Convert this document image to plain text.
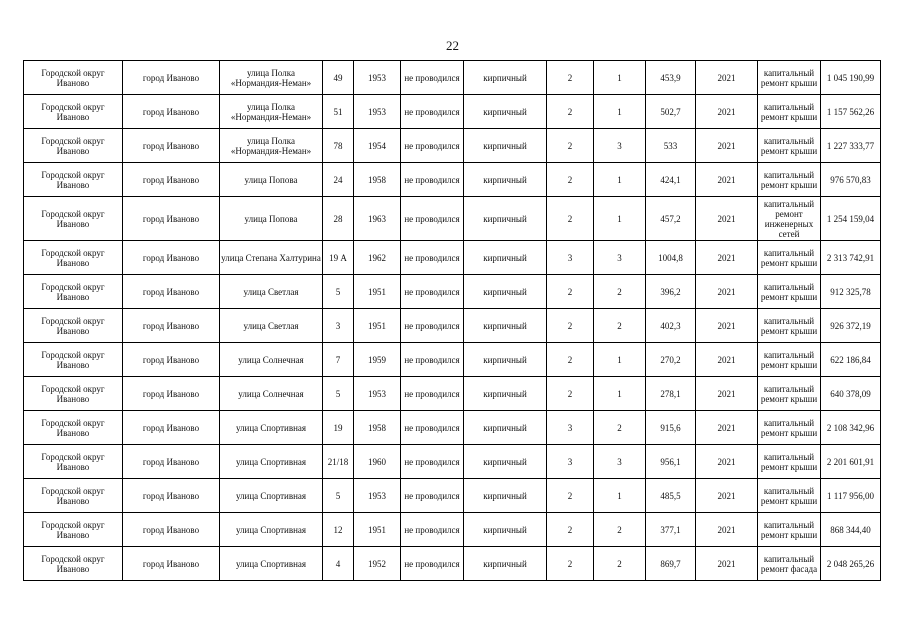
22
Городской округ Иваново	город Иваново	улица Полка «Нормандия-Неман»	49	1953	не проводился	кирпичный	2	1	453,9	2021	капитальный ремонт крыши	1 045 190,99
Городской округ Иваново	город Иваново	улица Полка «Нормандия-Неман»	51	1953	не проводился	кирпичный	2	1	502,7	2021	капитальный ремонт крыши	1 157 562,26
Городской округ Иваново	город Иваново	улица Полка «Нормандия-Неман»	78	1954	не проводился	кирпичный	2	3	533	2021	капитальный ремонт крыши	1 227 333,77
Городской округ Иваново	город Иваново	улица Попова	24	1958	не проводился	кирпичный	2	1	424,1	2021	капитальный ремонт крыши	976 570,83
Городской округ Иваново	город Иваново	улица Попова	28	1963	не проводился	кирпичный	2	1	457,2	2021	капитальный ремонт инженерных сетей	1 254 159,04
Городской округ Иваново	город Иваново	улица Степана Халтурина	19 А	1962	не проводился	кирпичный	3	3	1004,8	2021	капитальный ремонт крыши	2 313 742,91
Городской округ Иваново	город Иваново	улица Светлая	5	1951	не проводился	кирпичный	2	2	396,2	2021	капитальный ремонт крыши	912 325,78
Городской округ Иваново	город Иваново	улица Светлая	3	1951	не проводился	кирпичный	2	2	402,3	2021	капитальный ремонт крыши	926 372,19
Городской округ Иваново	город Иваново	улица Солнечная	7	1959	не проводился	кирпичный	2	1	270,2	2021	капитальный ремонт крыши	622 186,84
Городской округ Иваново	город Иваново	улица Солнечная	5	1953	не проводился	кирпичный	2	1	278,1	2021	капитальный ремонт крыши	640 378,09
Городской округ Иваново	город Иваново	улица Спортивная	19	1958	не проводился	кирпичный	3	2	915,6	2021	капитальный ремонт крыши	2 108 342,96
Городской округ Иваново	город Иваново	улица Спортивная	21/18	1960	не проводился	кирпичный	3	3	956,1	2021	капитальный ремонт крыши	2 201 601,91
Городской округ Иваново	город Иваново	улица Спортивная	5	1953	не проводился	кирпичный	2	1	485,5	2021	капитальный ремонт крыши	1 117 956,00
Городской округ Иваново	город Иваново	улица Спортивная	12	1951	не проводился	кирпичный	2	2	377,1	2021	капитальный ремонт крыши	868 344,40
Городской округ Иваново	город Иваново	улица Спортивная	4	1952	не проводился	кирпичный	2	2	869,7	2021	капитальный ремонт фасада	2 048 265,26
